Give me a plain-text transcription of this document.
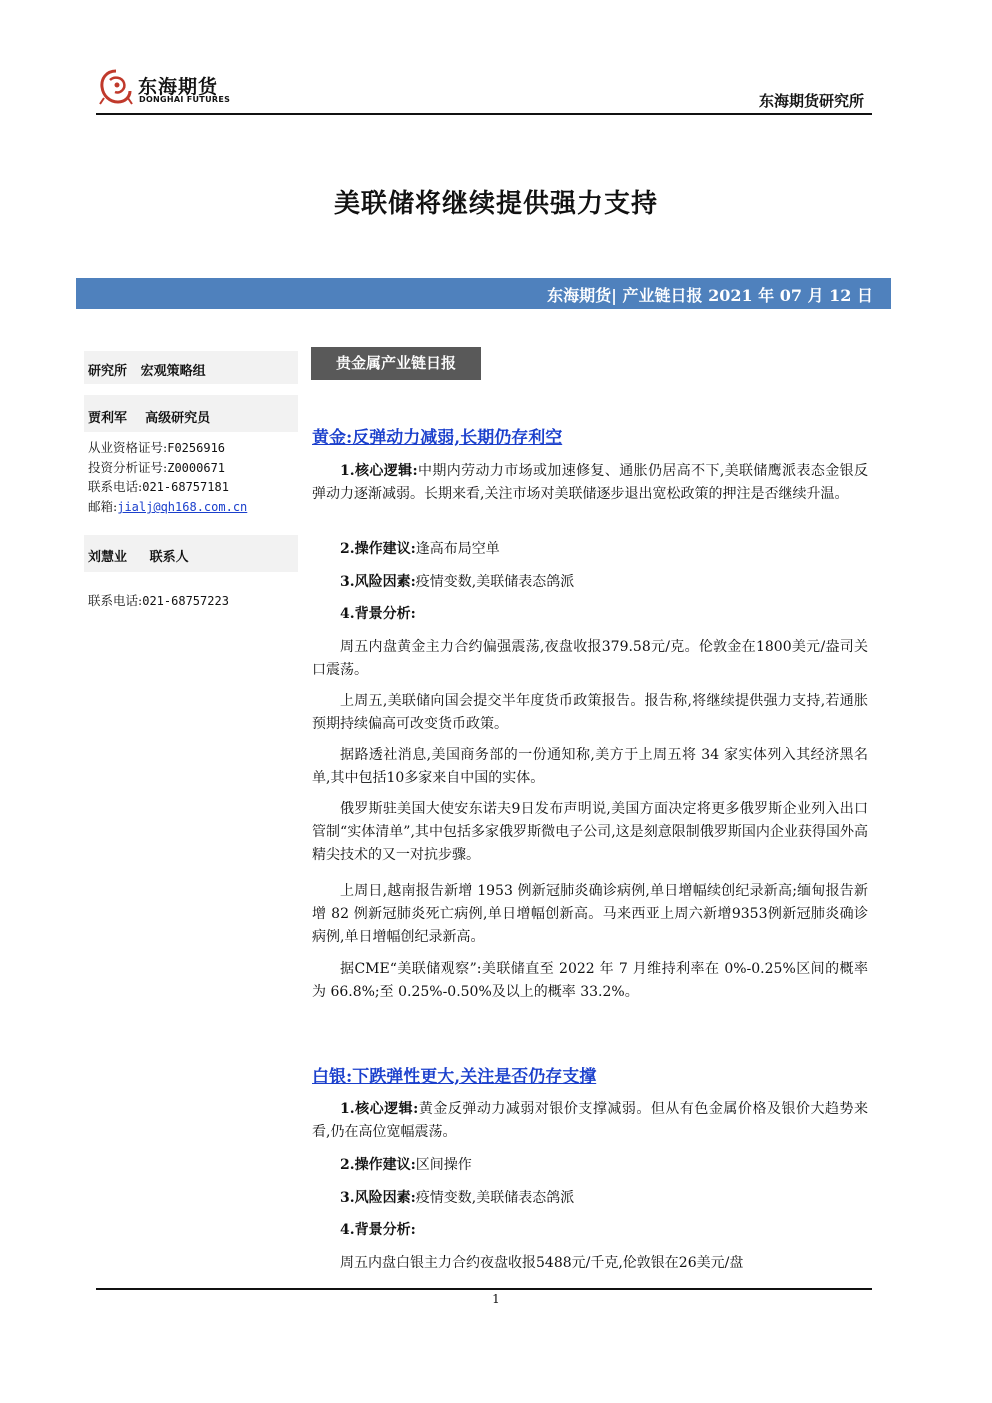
东海期货
DONGHAI FUTURES	东海期货研究所
美联储将继续提供强力支持
东海期货| 产业链日报 2021 年 07 月 12 日
研究所 宏观策略组
贾利军 高级研究员
从业资格证号:F0256916
投资分析证号:Z0000671
联系电话:021-68757181
邮箱:jialj@qh168.com.cn
刘慧业 联系人
联系电话:021-68757223
贵金属产业链日报
黄金:反弹动力减弱,长期仍存利空
1.核心逻辑:中期内劳动力市场或加速修复、通胀仍居高不下,美联储鹰派表态金银反弹动力逐渐减弱。长期来看,关注市场对美联储逐步退出宽松政策的押注是否继续升温。
2.操作建议:逢高布局空单
3.风险因素:疫情变数,美联储表态鸽派
4.背景分析:
周五内盘黄金主力合约偏强震荡,夜盘收报379.58元/克。伦敦金在1800美元/盎司关口震荡。
上周五,美联储向国会提交半年度货币政策报告。报告称,将继续提供强力支持,若通胀预期持续偏高可改变货币政策。
据路透社消息,美国商务部的一份通知称,美方于上周五将 34 家实体列入其经济黑名单,其中包括10多家来自中国的实体。
俄罗斯驻美国大使安东诺夫9日发布声明说,美国方面决定将更多俄罗斯企业列入出口管制“实体清单”,其中包括多家俄罗斯微电子公司,这是刻意限制俄罗斯国内企业获得国外高精尖技术的又一对抗步骤。
上周日,越南报告新增 1953 例新冠肺炎确诊病例,单日增幅续创纪录新高;缅甸报告新增 82 例新冠肺炎死亡病例,单日增幅创新高。马来西亚上周六新增9353例新冠肺炎确诊病例,单日增幅创纪录新高。
据CME“美联储观察”:美联储直至 2022 年 7 月维持利率在 0%-0.25%区间的概率为 66.8%;至 0.25%-0.50%及以上的概率 33.2%。
白银:下跌弹性更大,关注是否仍存支撑
1.核心逻辑:黄金反弹动力减弱对银价支撑减弱。但从有色金属价格及银价大趋势来看,仍在高位宽幅震荡。
2.操作建议:区间操作
3.风险因素:疫情变数,美联储表态鸽派
4.背景分析:
周五内盘白银主力合约夜盘收报5488元/千克,伦敦银在26美元/盘
1
